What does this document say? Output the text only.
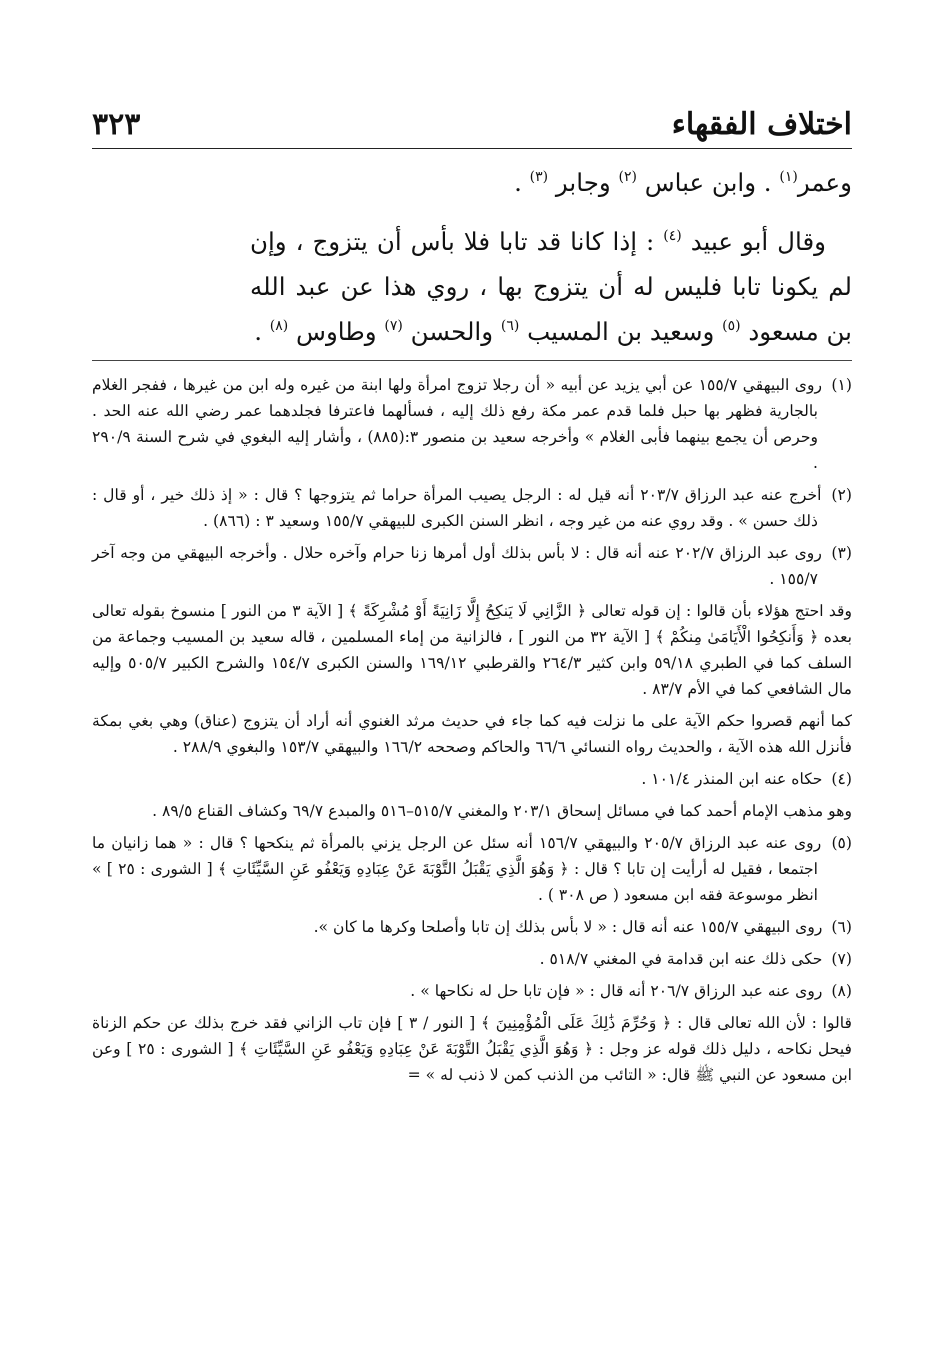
اختلاف الفقهاء
٣٢٣

وعمر$^{(١)}$ . وابن عباس $^{(٢)}$ وجابر $^{(٣)}$ .

وقال أبو عبيد $^{(٤)}$ : إذا كانا قد تابا فلا بأس أن يتزوج ، وإن لم يكونا تابا فليس له أن يتزوج بها ، روي هذا عن عبد الله بن مسعود $^{(٥)}$ وسعيد بن المسيب $^{(٦)}$ والحسن $^{(٧)}$ وطاوس $^{(٨)}$ .

(١) روى البيهقي ١٥٥/٧ عن أبي يزيد عن أبيه « أن رجلا تزوج امرأة ولها ابنة من غيره وله ابن من غيرها ، ففجر الغلام بالجارية فظهر بها حبل فلما قدم عمر مكة رفع ذلك إليه ، فسألهما فاعترفا فجلدهما عمر رضي الله عنه الحد . وحرص أن يجمع بينهما فأبى الغلام » وأخرجه سعيد بن منصور ٣:(٨٨٥) ، وأشار إليه البغوي في شرح السنة ٢٩٠/٩ .

(٢) أخرج عنه عبد الرزاق ٢٠٣/٧ أنه قيل له : الرجل يصيب المرأة حراما ثم يتزوجها ؟ قال : « إذ ذلك خير ، أو قال : ذلك حسن » . وقد روي عنه من غير وجه ، انظر السنن الكبرى للبيهقي ١٥٥/٧ وسعيد ٣ : (٨٦٦) .

(٣) روى عبد الرزاق ٢٠٢/٧ عنه أنه قال : لا بأس بذلك أول أمرها زنا حرام وآخره حلال . وأخرجه البيهقي من وجه آخر ١٥٥/٧ .

وقد احتج هؤلاء بأن قالوا : إن قوله تعالى ﴿ الزَّانِي لَا يَنكِحُ إِلَّا زَانِيَةً أَوْ مُشْرِكَةً ﴾ [ الآية ٣ من النور ] منسوخ بقوله تعالى بعده ﴿ وَأَنكِحُوا الْأَيَامَىٰ مِنكُمْ ﴾ [ الآية ٣٢ من النور ] ، فالزانية من إماء المسلمين ، قاله سعيد بن المسيب وجماعة من السلف كما في الطبري ٥٩/١٨ وابن كثير ٢٦٤/٣ والقرطبي ١٦٩/١٢ والسنن الكبرى ١٥٤/٧ والشرح الكبير ٥٠٥/٧ وإليه مال الشافعي كما في الأم ٨٣/٧ .

كما أنهم قصروا حكم الآية على ما نزلت فيه كما جاء في حديث مرثد الغنوي أنه أراد أن يتزوج (عناق) وهي بغي بمكة فأنزل الله هذه الآية ، والحديث رواه النسائي ٦٦/٦ والحاكم وصححه ١٦٦/٢ والبيهقي ١٥٣/٧ والبغوي ٢٨٨/٩ .

(٤) حكاه عنه ابن المنذر ١٠١/٤ .

وهو مذهب الإمام أحمد كما في مسائل إسحاق ٢٠٣/١ والمغني ٥١٥/٧–٥١٦ والمبدع ٦٩/٧ وكشاف القناع ٨٩/٥ .

(٥) روى عنه عبد الرزاق ٢٠٥/٧ والبيهقي ١٥٦/٧ أنه سئل عن الرجل يزني بالمرأة ثم ينكحها ؟ قال : « هما زانيان ما اجتمعا ، فقيل له أرأيت إن تابا ؟ قال : ﴿ وَهُوَ الَّذِي يَقْبَلُ التَّوْبَةَ عَنْ عِبَادِهِ وَيَعْفُو عَنِ السَّيِّئَاتِ ﴾ [ الشورى : ٢٥ ] » انظر موسوعة فقه ابن مسعود ( ص ٣٠٨ ) .

(٦) روى البيهقي ١٥٥/٧ عنه أنه قال : « لا بأس بذلك إن تابا وأصلحا وكرها ما كان ».

(٧) حكى ذلك عنه ابن قدامة في المغني ٥١٨/٧ .

(٨) روى عنه عبد الرزاق ٢٠٦/٧ أنه قال : « فإن تابا حل له نكاحها » .

قالوا : لأن الله تعالى قال : ﴿ وَحُرِّمَ ذَٰلِكَ عَلَى الْمُؤْمِنِينَ ﴾ [ النور / ٣ ] فإن تاب الزاني فقد خرج بذلك عن حكم الزناة فيحل نكاحه ، دليل ذلك قوله عز وجل : ﴿ وَهُوَ الَّذِي يَقْبَلُ التَّوْبَةَ عَنْ عِبَادِهِ وَيَعْفُو عَنِ السَّيِّئَاتِ ﴾ [ الشورى : ٢٥ ] وعن ابن مسعود عن النبي ﷺ قال: « التائب من الذنب كمن لا ذنب له » =
